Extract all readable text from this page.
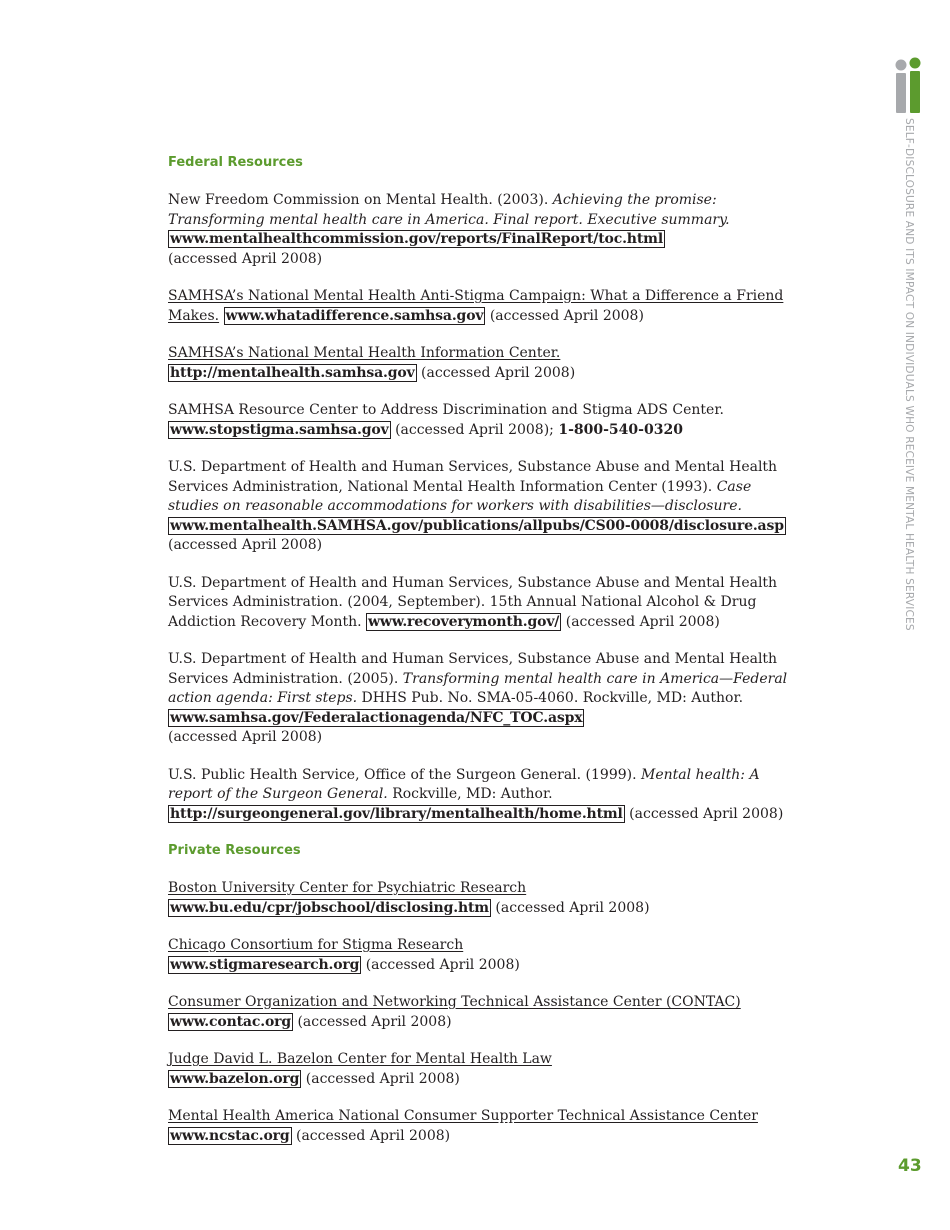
SELF-DISCLOSURE AND ITS IMPACT ON INDIVIDUALS WHO RECEIVE MENTAL HEALTH SERVICES
Federal Resources

New Freedom Commission on Mental Health. (2003). Achieving the promise: Transforming mental health care in America. Final report. Executive summary.
www.mentalhealthcommission.gov/reports/FinalReport/toc.html
(accessed April 2008)

SAMHSA’s National Mental Health Anti-Stigma Campaign: What a Difference a Friend Makes. www.whatadifference.samhsa.gov (accessed April 2008)

SAMHSA’s National Mental Health Information Center.
http://mentalhealth.samhsa.gov (accessed April 2008)

SAMHSA Resource Center to Address Discrimination and Stigma ADS Center.
www.stopstigma.samhsa.gov (accessed April 2008); 1-800-540-0320

U.S. Department of Health and Human Services, Substance Abuse and Mental Health Services Administration, National Mental Health Information Center (1993). Case studies on reasonable accommodations for workers with disabilities—disclosure.
www.mentalhealth.SAMHSA.gov/publications/allpubs/CS00-0008/disclosure.asp
(accessed April 2008)

U.S. Department of Health and Human Services, Substance Abuse and Mental Health Services Administration. (2004, September). 15th Annual National Alcohol & Drug Addiction Recovery Month. www.recoverymonth.gov/ (accessed April 2008)

U.S. Department of Health and Human Services, Substance Abuse and Mental Health Services Administration. (2005). Transforming mental health care in America—Federal action agenda: First steps. DHHS Pub. No. SMA-05-4060. Rockville, MD: Author. www.samhsa.gov/Federalactionagenda/NFC_TOC.aspx
(accessed April 2008)

U.S. Public Health Service, Office of the Surgeon General. (1999). Mental health: A report of the Surgeon General. Rockville, MD: Author. http://surgeongeneral.gov/library/mentalhealth/home.html (accessed April 2008)

Private Resources

Boston University Center for Psychiatric Research
www.bu.edu/cpr/jobschool/disclosing.htm (accessed April 2008)

Chicago Consortium for Stigma Research
www.stigmaresearch.org (accessed April 2008)

Consumer Organization and Networking Technical Assistance Center (CONTAC)
www.contac.org (accessed April 2008)

Judge David L. Bazelon Center for Mental Health Law
www.bazelon.org (accessed April 2008)

Mental Health America National Consumer Supporter Technical Assistance Center
www.ncstac.org (accessed April 2008)

43
